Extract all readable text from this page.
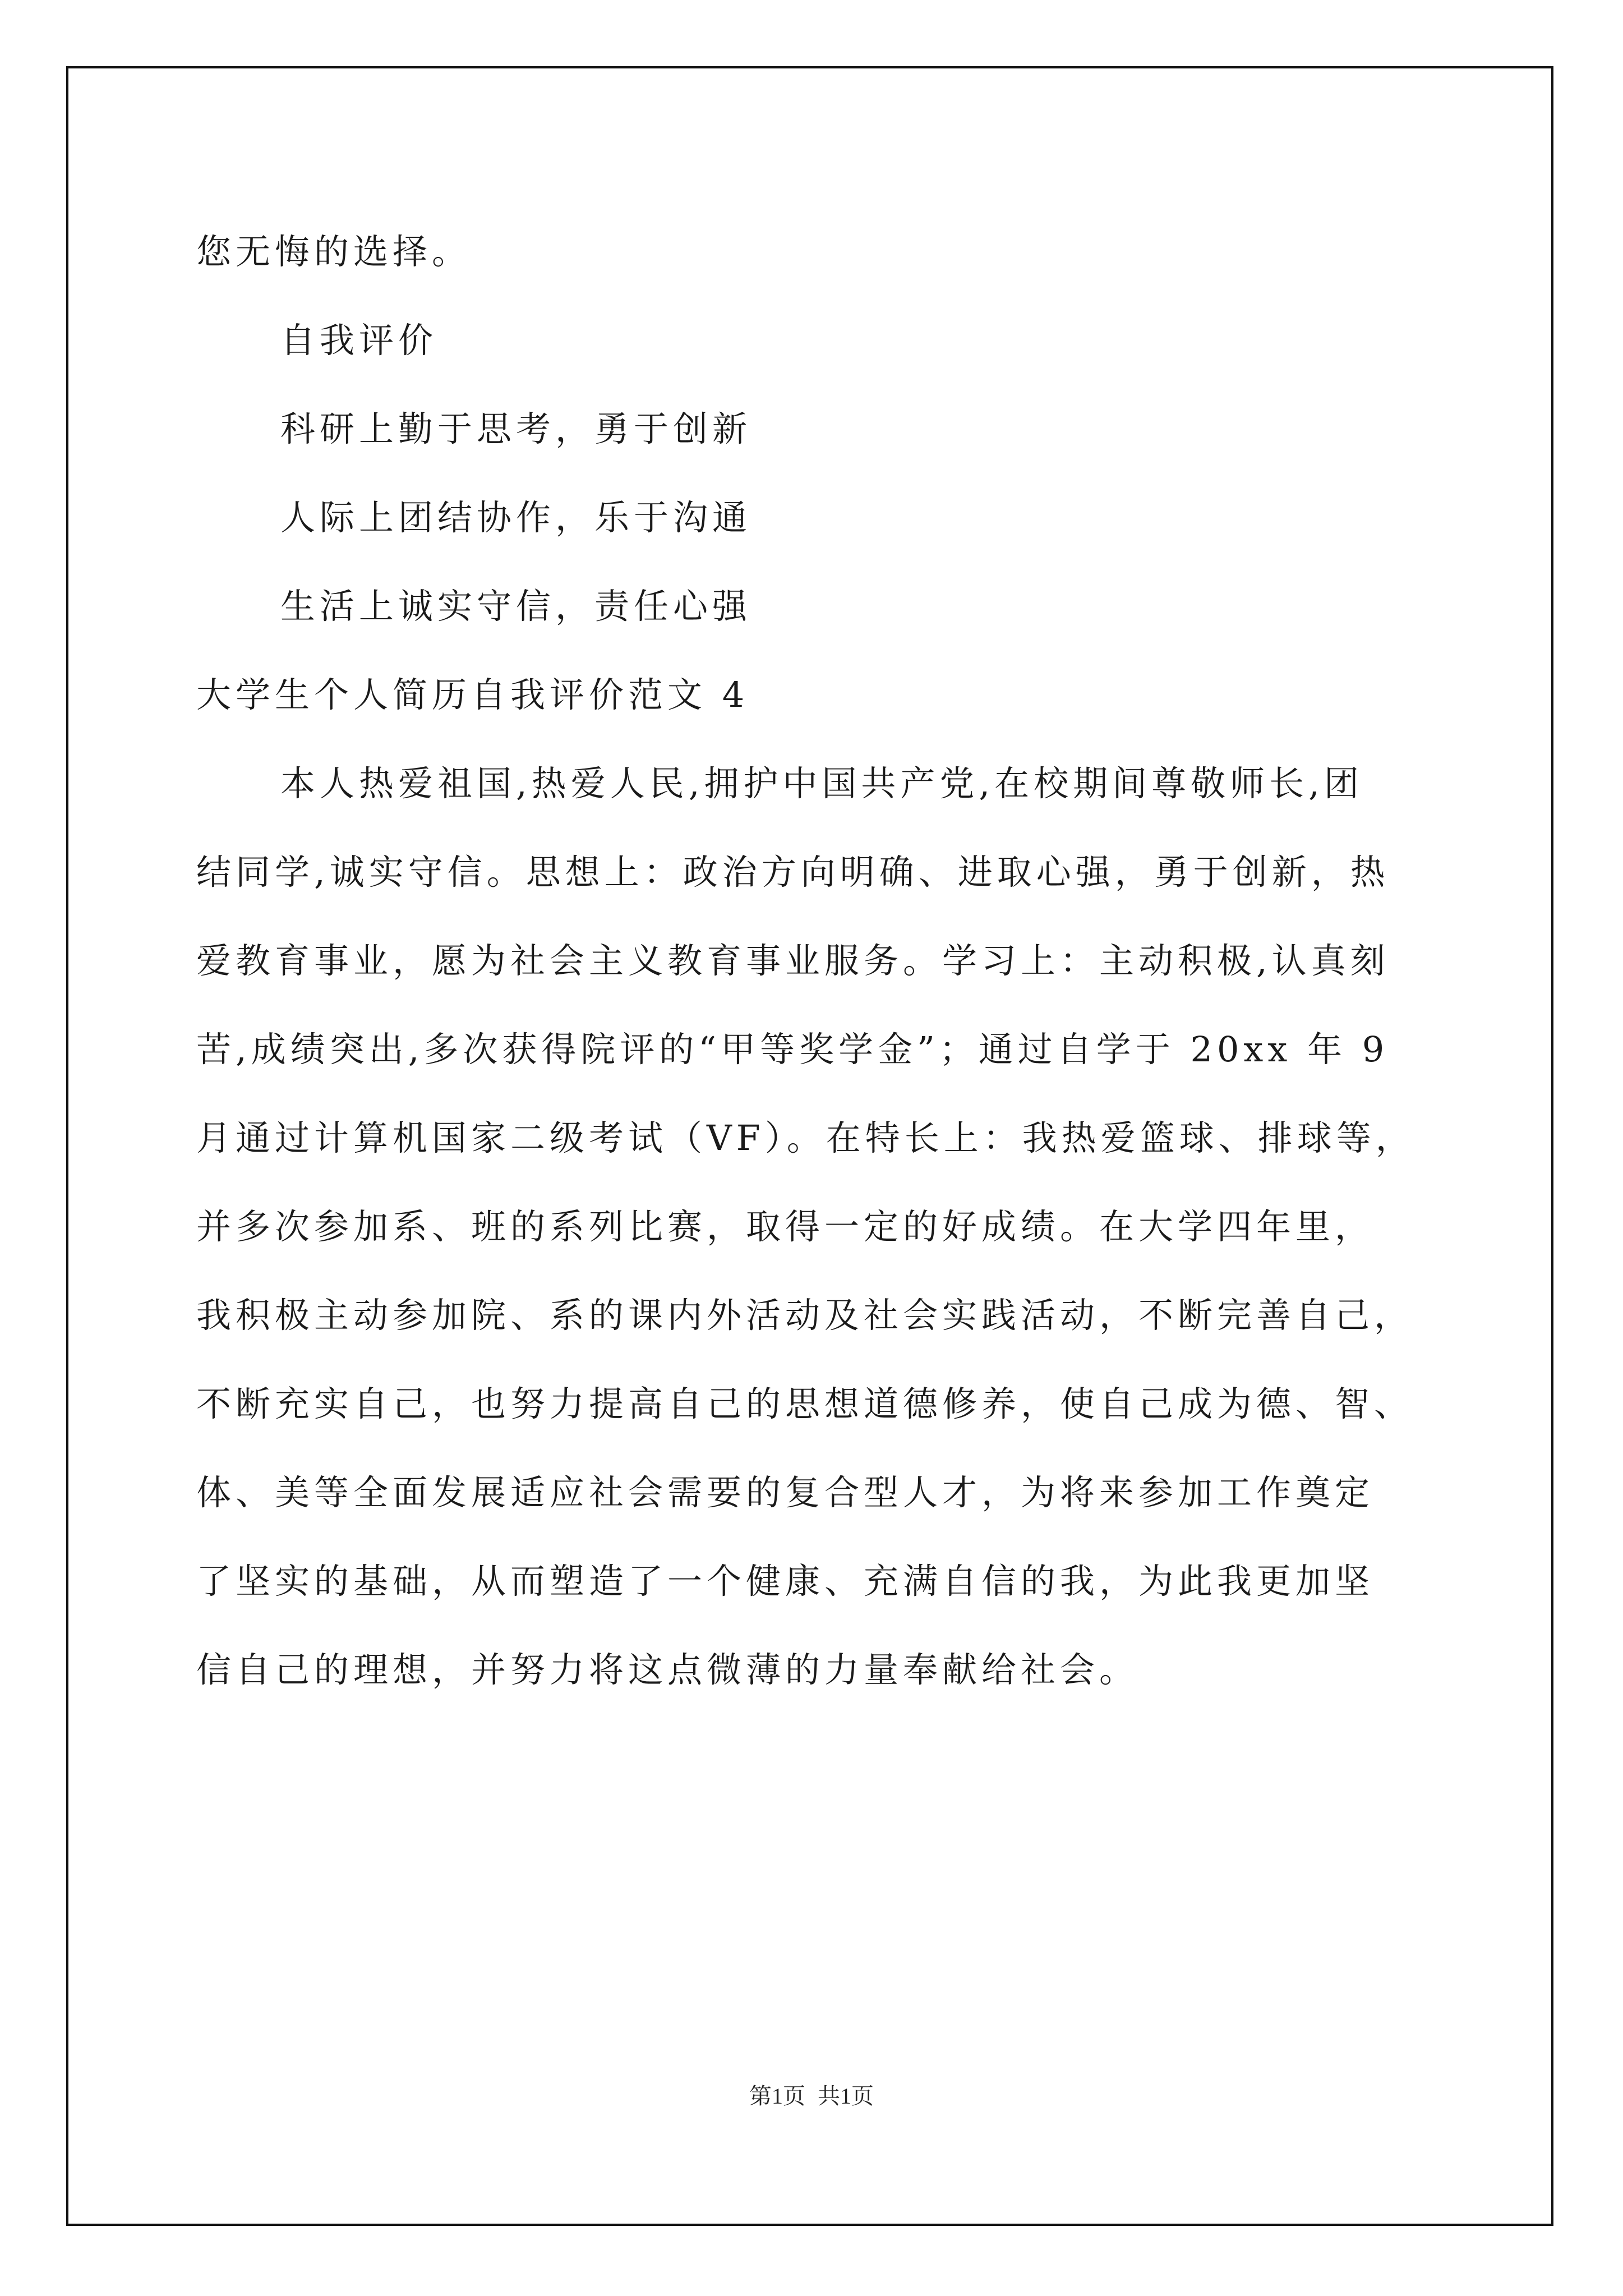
您无悔的选择。
自我评价
科研上勤于思考，勇于创新
人际上团结协作，乐于沟通
生活上诚实守信，责任心强
大学生个人简历自我评价范文 4
本人热爱祖国,热爱人民,拥护中国共产党,在校期间尊敬师长,团
结同学,诚实守信。思想上：政治方向明确、进取心强，勇于创新，热
爱教育事业，愿为社会主义教育事业服务。学习上：主动积极,认真刻
苦,成绩突出,多次获得院评的“甲等奖学金”；通过自学于 20xx 年 9
月通过计算机国家二级考试（VF）。在特长上：我热爱篮球、排球等，
并多次参加系、班的系列比赛，取得一定的好成绩。在大学四年里，
我积极主动参加院、系的课内外活动及社会实践活动，不断完善自己，
不断充实自己，也努力提高自己的思想道德修养，使自己成为德、智、
体、美等全面发展适应社会需要的复合型人才，为将来参加工作奠定
了坚实的基础，从而塑造了一个健康、充满自信的我，为此我更加坚
信自己的理想，并努力将这点微薄的力量奉献给社会。
第1页 共1页
